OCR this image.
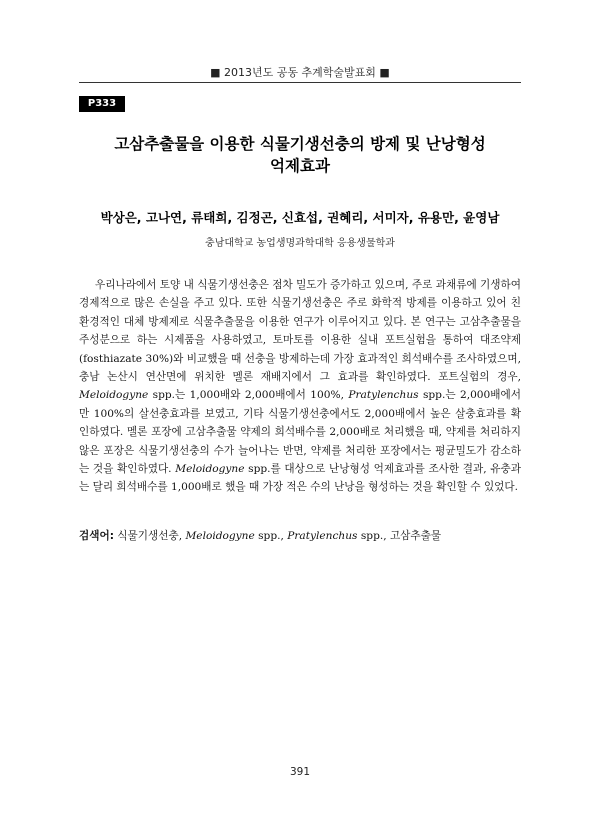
■ 2013년도 공동 추계학술발표회 ■
P333
고삼추출물을 이용한 식물기생선충의 방제 및 난낭형성
억제효과
박상은, 고나연, 류태희, 김정곤, 신효섭, 권혜리, 서미자, 유용만, 윤영남
충남대학교 농업생명과학대학 응용생물학과

우리나라에서 토양 내 식물기생선충은 점차 밀도가 증가하고 있으며, 주로 과채류에 기생하여 경제적으로 많은 손실을 주고 있다. 또한 식물기생선충은 주로 화학적 방제를 이용하고 있어 친환경적인 대체 방제제로 식물추출물을 이용한 연구가 이루어지고 있다. 본 연구는 고삼추출물을 주성분으로 하는 시제품을 사용하였고, 토마토를 이용한 실내 포트실험을 통하여 대조약제(fosthiazate 30%)와 비교했을 때 선충을 방제하는데 가장 효과적인 희석배수를 조사하였으며, 충남 논산시 연산면에 위치한 멜론 재배지에서 그 효과를 확인하였다. 포트실험의 경우, Meloidogyne spp.는 1,000배와 2,000배에서 100%, Pratylenchus spp.는 2,000배에서만 100%의 살선충효과를 보였고, 기타 식물기생선충에서도 2,000배에서 높은 살충효과를 확인하였다. 멜론 포장에 고삼추출물 약제의 희석배수를 2,000배로 처리했을 때, 약제를 처리하지 않은 포장은 식물기생선충의 수가 늘어나는 반면, 약제를 처리한 포장에서는 평균밀도가 감소하는 것을 확인하였다. Meloidogyne spp.를 대상으로 난낭형성 억제효과를 조사한 결과, 유충과는 달리 희석배수를 1,000배로 했을 때 가장 적은 수의 난낭을 형성하는 것을 확인할 수 있었다.

검색어: 식물기생선충, Meloidogyne spp., Pratylenchus spp., 고삼추출물
391
